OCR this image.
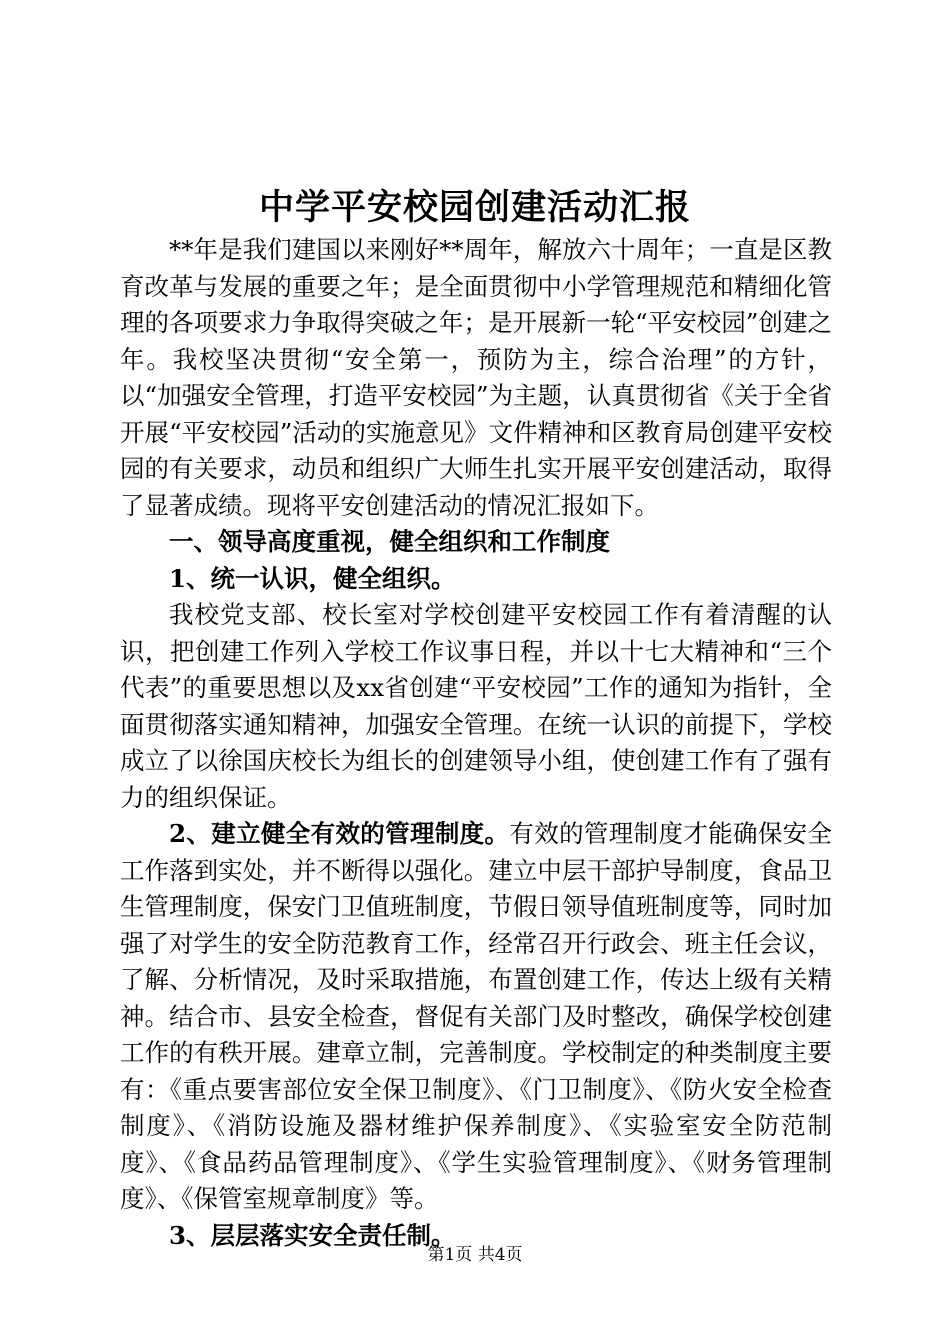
中学平安校园创建活动汇报

**年是我们建国以来刚好**周年，解放六十周年；一直是区教育改革与发展的重要之年；是全面贯彻中小学管理规范和精细化管理的各项要求力争取得突破之年；是开展新一轮“平安校园”创建之年。我校坚决贯彻“安全第一，预防为主，综合治理”的方针，以“加强安全管理，打造平安校园”为主题，认真贯彻省《关于全省开展“平安校园”活动的实施意见》文件精神和区教育局创建平安校园的有关要求，动员和组织广大师生扎实开展平安创建活动，取得了显著成绩。现将平安创建活动的情况汇报如下。

一、领导高度重视，健全组织和工作制度

1、统一认识，健全组织。

我校党支部、校长室对学校创建平安校园工作有着清醒的认识，把创建工作列入学校工作议事日程，并以十七大精神和“三个代表”的重要思想以及xx省创建“平安校园”工作的通知为指针，全面贯彻落实通知精神，加强安全管理。在统一认识的前提下，学校成立了以徐国庆校长为组长的创建领导小组，使创建工作有了强有力的组织保证。

2、建立健全有效的管理制度。有效的管理制度才能确保安全工作落到实处，并不断得以强化。建立中层干部护导制度，食品卫生管理制度，保安门卫值班制度，节假日领导值班制度等，同时加强了对学生的安全防范教育工作，经常召开行政会、班主任会议，了解、分析情况，及时采取措施，布置创建工作，传达上级有关精神。结合市、县安全检查，督促有关部门及时整改，确保学校创建工作的有秩开展。建章立制，完善制度。学校制定的种类制度主要有：《重点要害部位安全保卫制度》、《门卫制度》、《防火安全检查制度》、《消防设施及器材维护保养制度》、《实验室安全防范制度》、《食品药品管理制度》、《学生实验管理制度》、《财务管理制度》、《保管室规章制度》等。

3、层层落实安全责任制。

第1页 共4页
